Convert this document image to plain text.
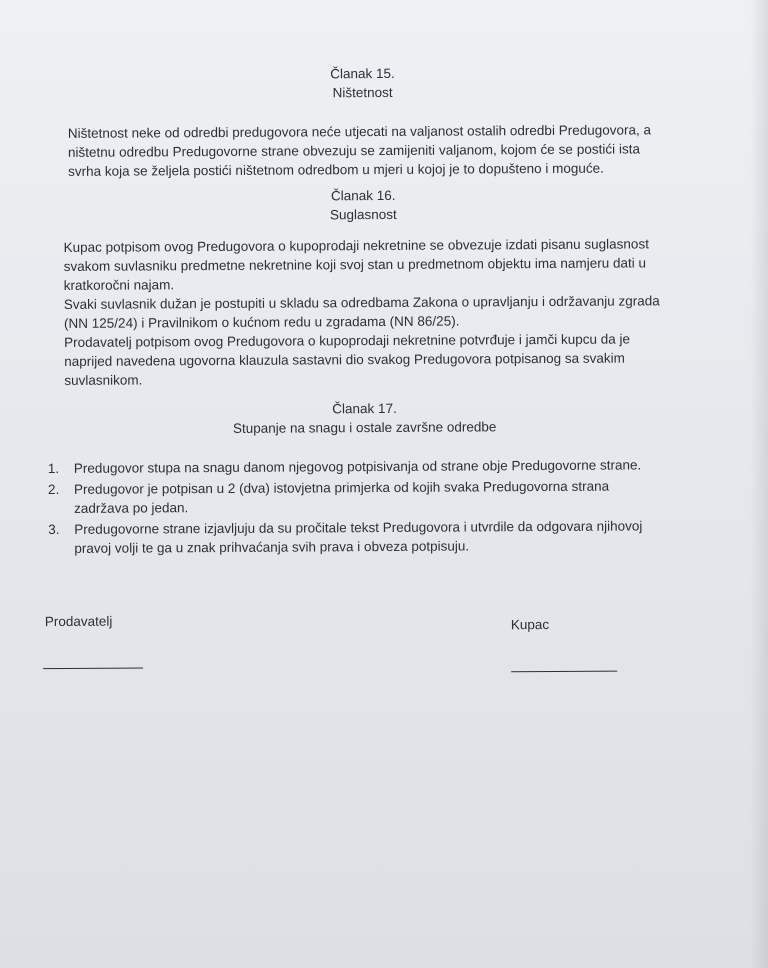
Članak 15.
Ništetnost
Ništetnost neke od odredbi predugovora neće utjecati na valjanost ostalih odredbi Predugovora, a
ništetnu odredbu Predugovorne strane obvezuju se zamijeniti valjanom, kojom će se postići ista
svrha koja se željela postići ništetnom odredbom u mjeri u kojoj je to dopušteno i moguće.
Članak 16.
Suglasnost
Kupac potpisom ovog Predugovora o kupoprodaji nekretnine se obvezuje izdati pisanu suglasnost
svakom suvlasniku predmetne nekretnine koji svoj stan u predmetnom objektu ima namjeru dati u
kratkoročni najam.
Svaki suvlasnik dužan je postupiti u skladu sa odredbama Zakona o upravljanju i održavanju zgrada
(NN 125/24) i Pravilnikom o kućnom redu u zgradama (NN 86/25).
Prodavatelj potpisom ovog Predugovora o kupoprodaji nekretnine potvrđuje i jamči kupcu da je
naprijed navedena ugovorna klauzula sastavni dio svakog Predugovora potpisanog sa svakim
suvlasnikom.
Članak 17.
Stupanje na snagu i ostale završne odredbe
1.	Predugovor stupa na snagu danom njegovog potpisivanja od strane obje Predugovorne strane.
2.	Predugovor je potpisan u 2 (dva) istovjetna primjerka od kojih svaka Predugovorna strana
zadržava po jedan.
3.	Predugovorne strane izjavljuju da su pročitale tekst Predugovora i utvrdile da odgovara njihovoj
pravoj volji te ga u znak prihvaćanja svih prava i obveza potpisuju.
Prodavatelj	Kupac
